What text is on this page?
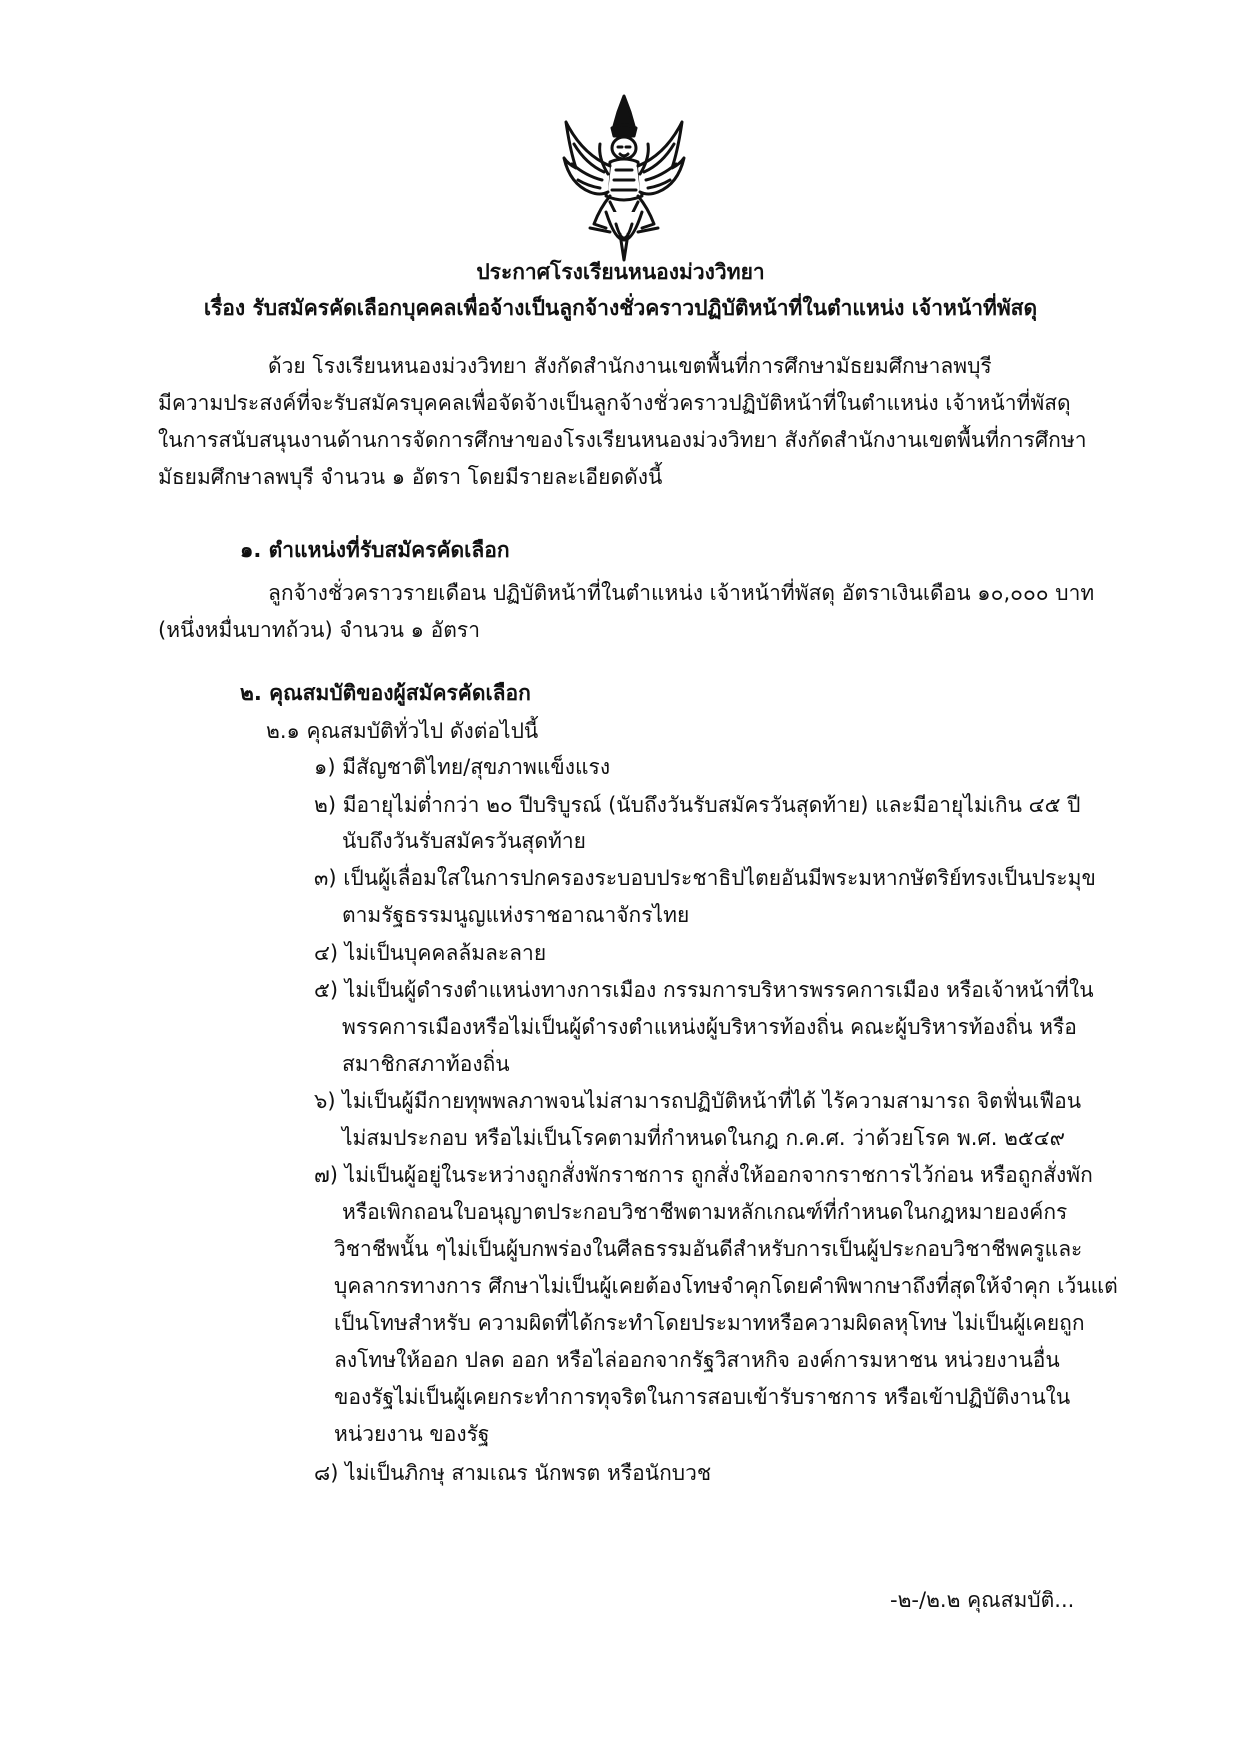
ประกาศโรงเรียนหนองม่วงวิทยา
เรื่อง รับสมัครคัดเลือกบุคคลเพื่อจ้างเป็นลูกจ้างชั่วคราวปฏิบัติหน้าที่ในตำแหน่ง เจ้าหน้าที่พัสดุ
ด้วย โรงเรียนหนองม่วงวิทยา สังกัดสำนักงานเขตพื้นที่การศึกษามัธยมศึกษาลพบุรี
มีความประสงค์ที่จะรับสมัครบุคคลเพื่อจัดจ้างเป็นลูกจ้างชั่วคราวปฏิบัติหน้าที่ในตำแหน่ง เจ้าหน้าที่พัสดุ
ในการสนับสนุนงานด้านการจัดการศึกษาของโรงเรียนหนองม่วงวิทยา สังกัดสำนักงานเขตพื้นที่การศึกษา
มัธยมศึกษาลพบุรี จำนวน ๑ อัตรา โดยมีรายละเอียดดังนี้
๑. ตำแหน่งที่รับสมัครคัดเลือก
ลูกจ้างชั่วคราวรายเดือน ปฏิบัติหน้าที่ในตำแหน่ง เจ้าหน้าที่พัสดุ อัตราเงินเดือน ๑๐,๐๐๐ บาท
(หนึ่งหมื่นบาทถ้วน) จำนวน ๑ อัตรา
๒. คุณสมบัติของผู้สมัครคัดเลือก
๒.๑ คุณสมบัติทั่วไป ดังต่อไปนี้
๑) มีสัญชาติไทย/สุขภาพแข็งแรง
๒) มีอายุไม่ต่ำกว่า ๒๐ ปีบริบูรณ์ (นับถึงวันรับสมัครวันสุดท้าย) และมีอายุไม่เกิน ๔๕ ปี
นับถึงวันรับสมัครวันสุดท้าย
๓) เป็นผู้เลื่อมใสในการปกครองระบอบประชาธิปไตยอันมีพระมหากษัตริย์ทรงเป็นประมุข
ตามรัฐธรรมนูญแห่งราชอาณาจักรไทย
๔) ไม่เป็นบุคคลล้มละลาย
๕) ไม่เป็นผู้ดำรงตำแหน่งทางการเมือง กรรมการบริหารพรรคการเมือง หรือเจ้าหน้าที่ใน
พรรคการเมืองหรือไม่เป็นผู้ดำรงตำแหน่งผู้บริหารท้องถิ่น คณะผู้บริหารท้องถิ่น หรือ
สมาชิกสภาท้องถิ่น
๖) ไม่เป็นผู้มีกายทุพพลภาพจนไม่สามารถปฏิบัติหน้าที่ได้ ไร้ความสามารถ จิตฟั่นเฟือน
ไม่สมประกอบ หรือไม่เป็นโรคตามที่กำหนดในกฎ ก.ค.ศ. ว่าด้วยโรค พ.ศ. ๒๕๔๙
๗) ไม่เป็นผู้อยู่ในระหว่างถูกสั่งพักราชการ ถูกสั่งให้ออกจากราชการไว้ก่อน หรือถูกสั่งพัก
หรือเพิกถอนใบอนุญาตประกอบวิชาชีพตามหลักเกณฑ์ที่กำหนดในกฎหมายองค์กร
วิชาชีพนั้น ๆไม่เป็นผู้บกพร่องในศีลธรรมอันดีสำหรับการเป็นผู้ประกอบวิชาชีพครูและ
บุคลากรทางการ ศึกษาไม่เป็นผู้เคยต้องโทษจำคุกโดยคำพิพากษาถึงที่สุดให้จำคุก เว้นแต่
เป็นโทษสำหรับ ความผิดที่ได้กระทำโดยประมาทหรือความผิดลหุโทษ ไม่เป็นผู้เคยถูก
ลงโทษให้ออก ปลด ออก หรือไล่ออกจากรัฐวิสาหกิจ องค์การมหาชน หน่วยงานอื่น
ของรัฐไม่เป็นผู้เคยกระทำการทุจริตในการสอบเข้ารับราชการ หรือเข้าปฏิบัติงานใน
หน่วยงาน ของรัฐ
๘) ไม่เป็นภิกษุ สามเณร นักพรต หรือนักบวช
-๒-/๒.๒ คุณสมบัติ...
